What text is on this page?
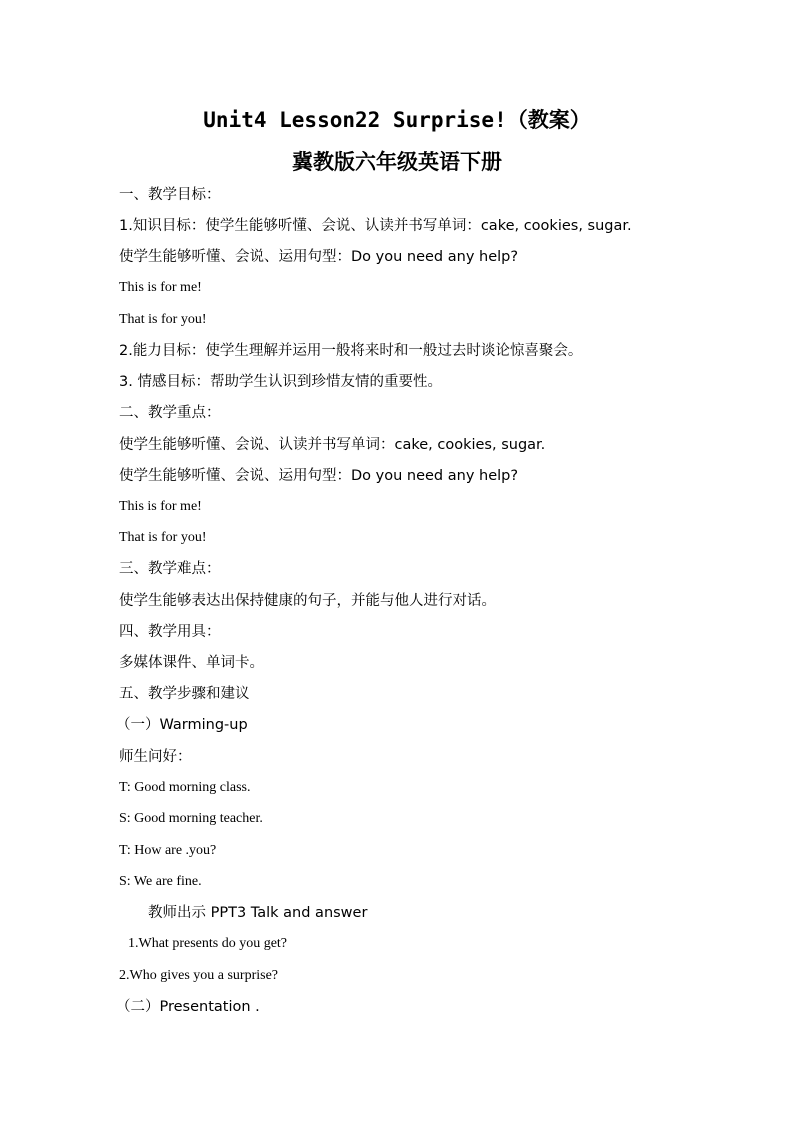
Unit4 Lesson22 Surprise!（教案）
冀教版六年级英语下册
一、教学目标：
1.知识目标：使学生能够听懂、会说、认读并书写单词：cake, cookies, sugar.
使学生能够听懂、会说、运用句型：Do you need any help?
This is for me!
That is for you!
2.能力目标：使学生理解并运用一般将来时和一般过去时谈论惊喜聚会。
3. 情感目标：帮助学生认识到珍惜友情的重要性。
二、教学重点：
使学生能够听懂、会说、认读并书写单词：cake, cookies, sugar.
使学生能够听懂、会说、运用句型：Do you need any help?
This is for me!
That is for you!
三、教学难点：
使学生能够表达出保持健康的句子，并能与他人进行对话。
四、教学用具：
多媒体课件、单词卡。
五、教学步骤和建议
（一）Warming-up
师生问好：
T: Good morning class.
S: Good morning teacher.
T: How are .you?
S: We are fine.
教师出示 PPT3 Talk and answer
1.What presents do you get?
2.Who gives you a surprise?
（二）Presentation .
